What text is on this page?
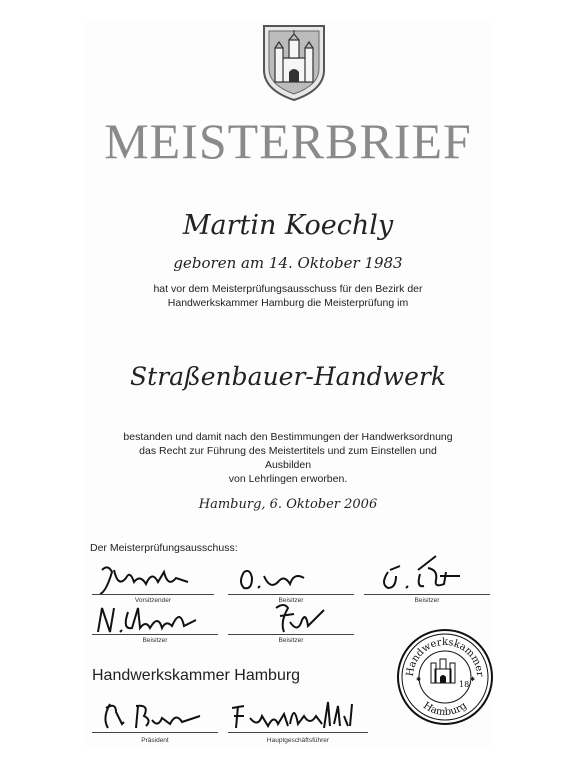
MEISTERBRIEF
Martin Koechly
geboren am 14. Oktober 1983
hat vor dem Meisterprüfungsausschuss für den Bezirk der
Handwerkskammer Hamburg die Meisterprüfung im
Straßenbauer-Handwerk
bestanden und damit nach den Bestimmungen der Handwerksordnung
das Recht zur Führung des Meistertitels und zum Einstellen und Ausbilden
von Lehrlingen erworben.
Hamburg, 6. Oktober 2006
Der Meisterprüfungsausschuss:
Vorsitzender	Beisitzer	Beisitzer
Beisitzer	Beisitzer
Handwerkskammer Hamburg
Präsident	Hauptgeschäftsführer
Handwerkskammer
Hamburg
18
✱	✱
